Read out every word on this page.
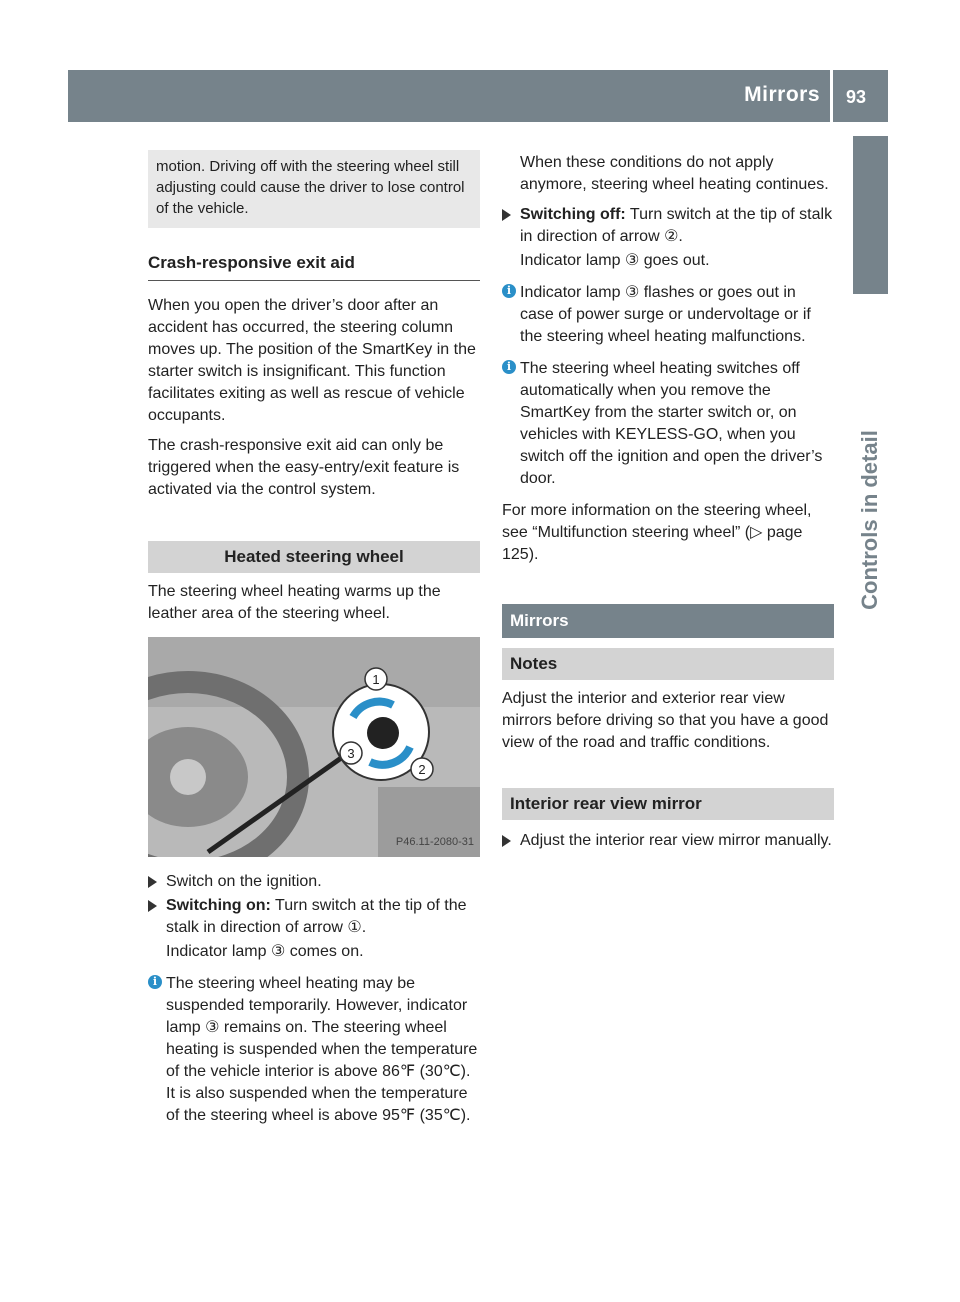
Mirrors 93
Controls in detail
motion. Driving off with the steering wheel still adjusting could cause the driver to lose control of the vehicle.
Crash-responsive exit aid

When you open the driver’s door after an accident has occurred, the steering column moves up. The position of the SmartKey in the starter switch is insignificant. This function facilitates exiting as well as rescue of vehicle occupants.

The crash-responsive exit aid can only be triggered when the easy-entry/exit feature is activated via the control system.

Heated steering wheel

The steering wheel heating warms up the leather area of the steering wheel.

1
2
3
P46.11-2080-31
Switch on the ignition.
Switching on: Turn switch at the tip of the stalk in direction of arrow ①.

Indicator lamp ③ comes on.

i The steering wheel heating may be suspended temporarily. However, indicator lamp ③ remains on. The steering wheel heating is suspended when the temperature of the vehicle interior is above 86℉ (30℃). It is also suspended when the temperature of the steering wheel is above 95℉ (35℃).

When these conditions do not apply anymore, steering wheel heating continues.

Switching off: Turn switch at the tip of stalk in direction of arrow ②.

Indicator lamp ③ goes out.

i Indicator lamp ③ flashes or goes out in case of power surge or undervoltage or if the steering wheel heating malfunctions.
i The steering wheel heating switches off automatically when you remove the SmartKey from the starter switch or, on vehicles with KEYLESS-GO, when you switch off the ignition and open the driver’s door.

For more information on the steering wheel, see “Multifunction steering wheel” (▷ page 125).

Mirrors
Notes

Adjust the interior and exterior rear view mirrors before driving so that you have a good view of the road and traffic conditions.

Interior rear view mirror
Adjust the interior rear view mirror manually.
